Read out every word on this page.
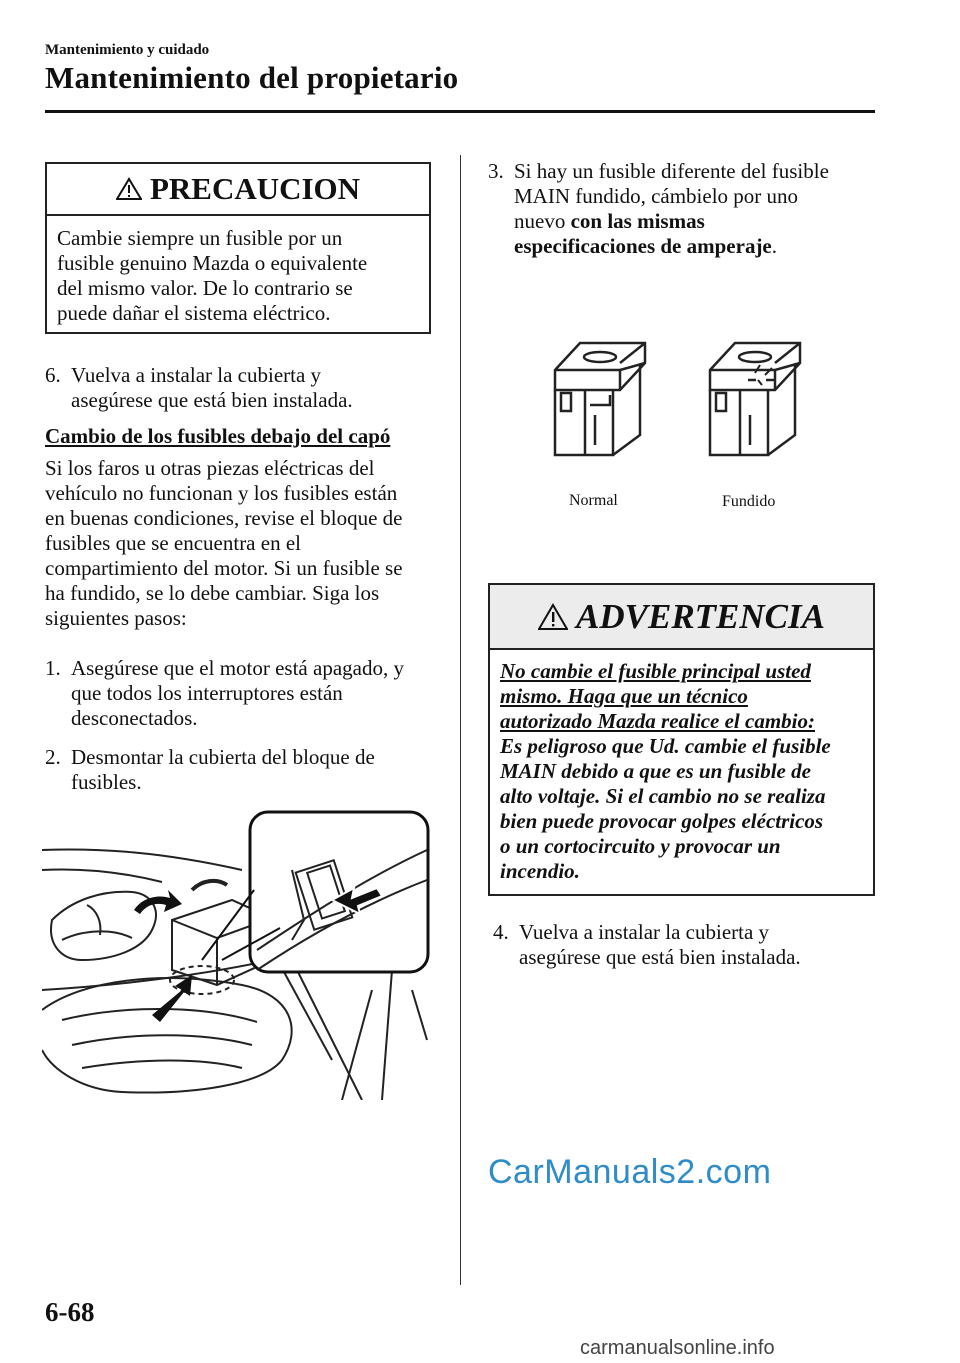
Mantenimiento y cuidado
Mantenimiento del propietario
PRECAUCION
Cambie siempre un fusible por un
fusible genuino Mazda o equivalente
del mismo valor. De lo contrario se
puede dañar el sistema eléctrico.
6. Vuelva a instalar la cubierta y
asegúrese que está bien instalada.
Cambio de los fusibles debajo del capó
Si los faros u otras piezas eléctricas del
vehículo no funcionan y los fusibles están
en buenas condiciones, revise el bloque de
fusibles que se encuentra en el
compartimiento del motor. Si un fusible se
ha fundido, se lo debe cambiar. Siga los
siguientes pasos:
1. Asegúrese que el motor está apagado, y
que todos los interruptores están
desconectados.
2. Desmontar la cubierta del bloque de
fusibles.
3. Si hay un fusible diferente del fusible
MAIN fundido, cámbielo por uno
nuevo con las mismas
especificaciones de amperaje.
Normal	Fundido
ADVERTENCIA
No cambie el fusible principal usted
mismo. Haga que un técnico
autorizado Mazda realice el cambio:
Es peligroso que Ud. cambie el fusible
MAIN debido a que es un fusible de
alto voltaje. Si el cambio no se realiza
bien puede provocar golpes eléctricos
o un cortocircuito y provocar un
incendio.
4. Vuelva a instalar la cubierta y
asegúrese que está bien instalada.
CarManuals2.com
6-68
carmanualsonline.info
